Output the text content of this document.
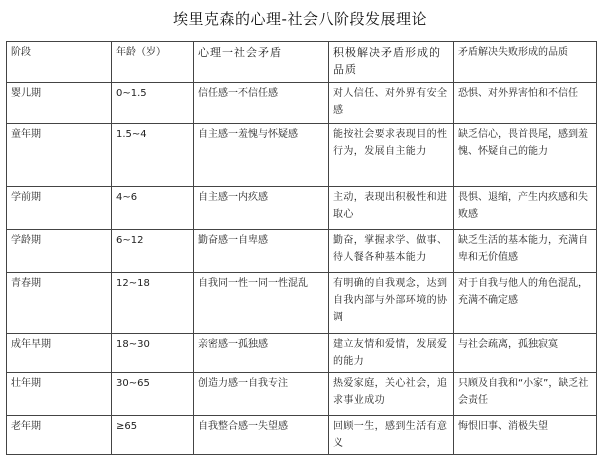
埃里克森的心理-社会八阶段发展理论
阶段	年龄（岁）	心理一社会矛盾	积极解决矛盾形成的品质	矛盾解决失败形成的品质
婴儿期	0~1.5	信任感一不信任感	对人信任、对外界有安全感	恐惧、对外界害怕和不信任
童年期	1.5~4	自主感一羞愧与怀疑感	能按社会要求表现目的性行为，发展自主能力	缺乏信心，畏首畏尾，感到羞愧、怀疑自己的能力
学前期	4~6	自主感一内疚感	主动，表现出积极性和进取心	畏惧、退缩，产生内疚感和失败感
学龄期	6~12	勤奋感一自卑感	勤奋，掌握求学、做事、待人餐各种基本能力	缺乏生活的基本能力，充满自卑和无价值感
青春期	12~18	自我同一性一同一性混乱	有明确的自我观念，达到自我内部与外部环境的协调	对于自我与他人的角色混乱，充满不确定感
成年早期	18~30	亲密感一孤独感	建立友情和爱情，发展爱的能力	与社会疏离，孤独寂寞
壮年期	30~65	创造力感一自我专注	热爱家庭，关心社会，追求事业成功	只顾及自我和“小家”，缺乏社会责任
老年期	≥65	自我整合感一失望感	回顾一生，感到生活有意义	悔恨旧事、消极失望
